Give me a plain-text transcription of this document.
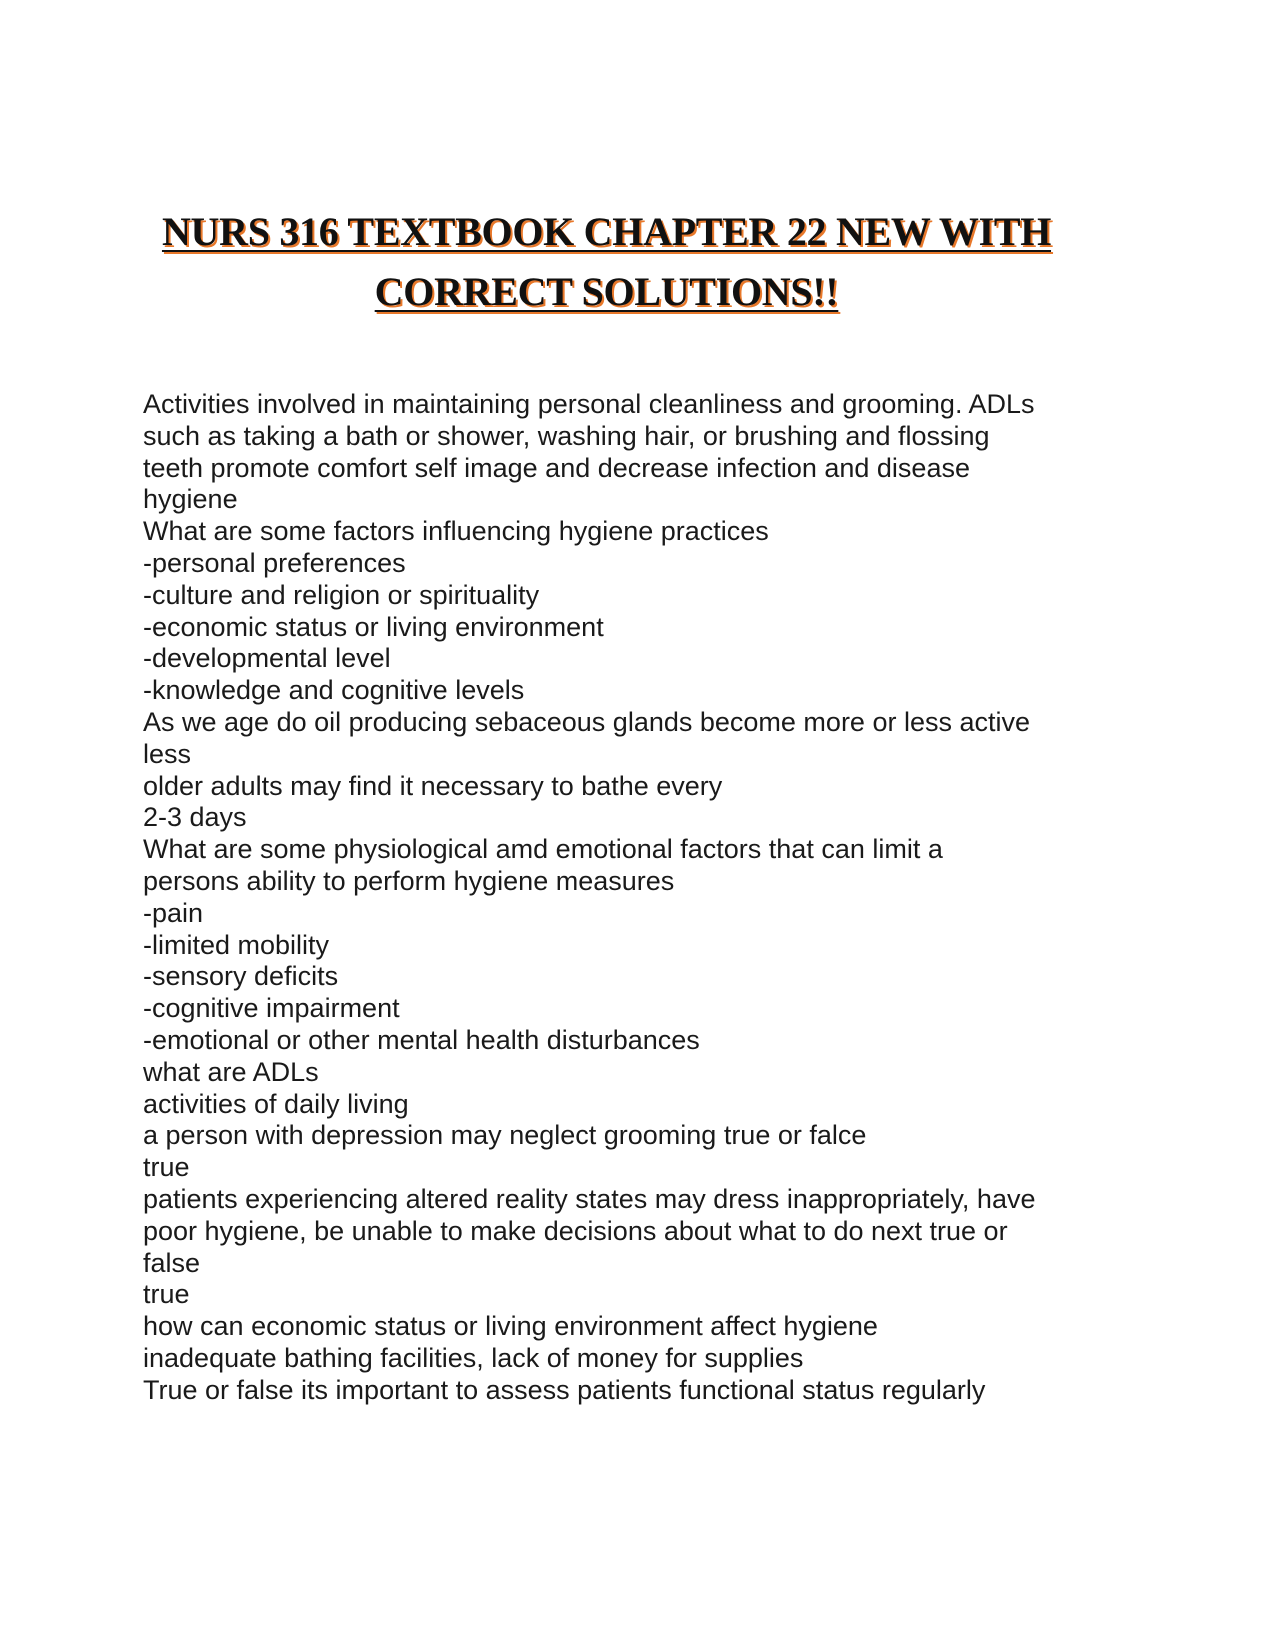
NURS 316 TEXTBOOK CHAPTER 22 NEW WITH
CORRECT SOLUTIONS!!
Activities involved in maintaining personal cleanliness and grooming. ADLs
such as taking a bath or shower, washing hair, or brushing and flossing
teeth promote comfort self image and decrease infection and disease
hygiene
What are some factors influencing hygiene practices
-personal preferences
-culture and religion or spirituality
-economic status or living environment
-developmental level
-knowledge and cognitive levels
As we age do oil producing sebaceous glands become more or less active
less
older adults may find it necessary to bathe every
2-3 days
What are some physiological amd emotional factors that can limit a
persons ability to perform hygiene measures
-pain
-limited mobility
-sensory deficits
-cognitive impairment
-emotional or other mental health disturbances
what are ADLs
activities of daily living
a person with depression may neglect grooming true or falce
true
patients experiencing altered reality states may dress inappropriately, have
poor hygiene, be unable to make decisions about what to do next true or
false
true
how can economic status or living environment affect hygiene
inadequate bathing facilities, lack of money for supplies
True or false its important to assess patients functional status regularly
